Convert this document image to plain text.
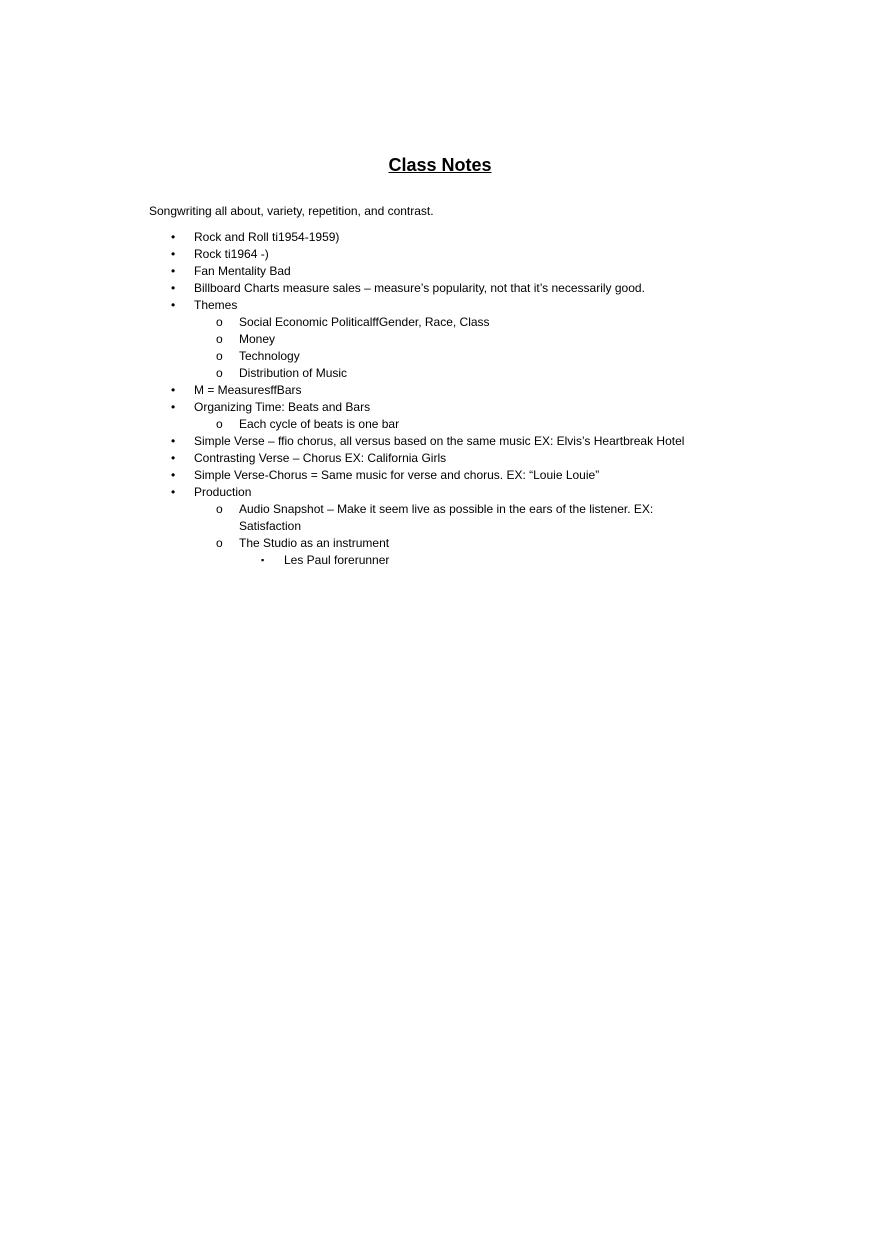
Class Notes
Songwriting all about, variety, repetition, and contrast.
• Rock and Roll ti1954-1959)
• Rock ti1964 -)
• Fan Mentality Bad
• Billboard Charts measure sales – measure’s popularity, not that it’s necessarily good.
• Themes
o Social Economic PoliticalffGender, Race, Class
o Money
o Technology
o Distribution of Music
• M = MeasuresffBars
• Organizing Time: Beats and Bars
o Each cycle of beats is one bar
• Simple Verse – ffio chorus, all versus based on the same music EX: Elvis’s Heartbreak Hotel
• Contrasting Verse – Chorus EX: California Girls
• Simple Verse-Chorus = Same music for verse and chorus. EX: “Louie Louie”
• Production
o Audio Snapshot – Make it seem live as possible in the ears of the listener. EX: Satisfaction
o The Studio as an instrument
▪ Les Paul forerunner
